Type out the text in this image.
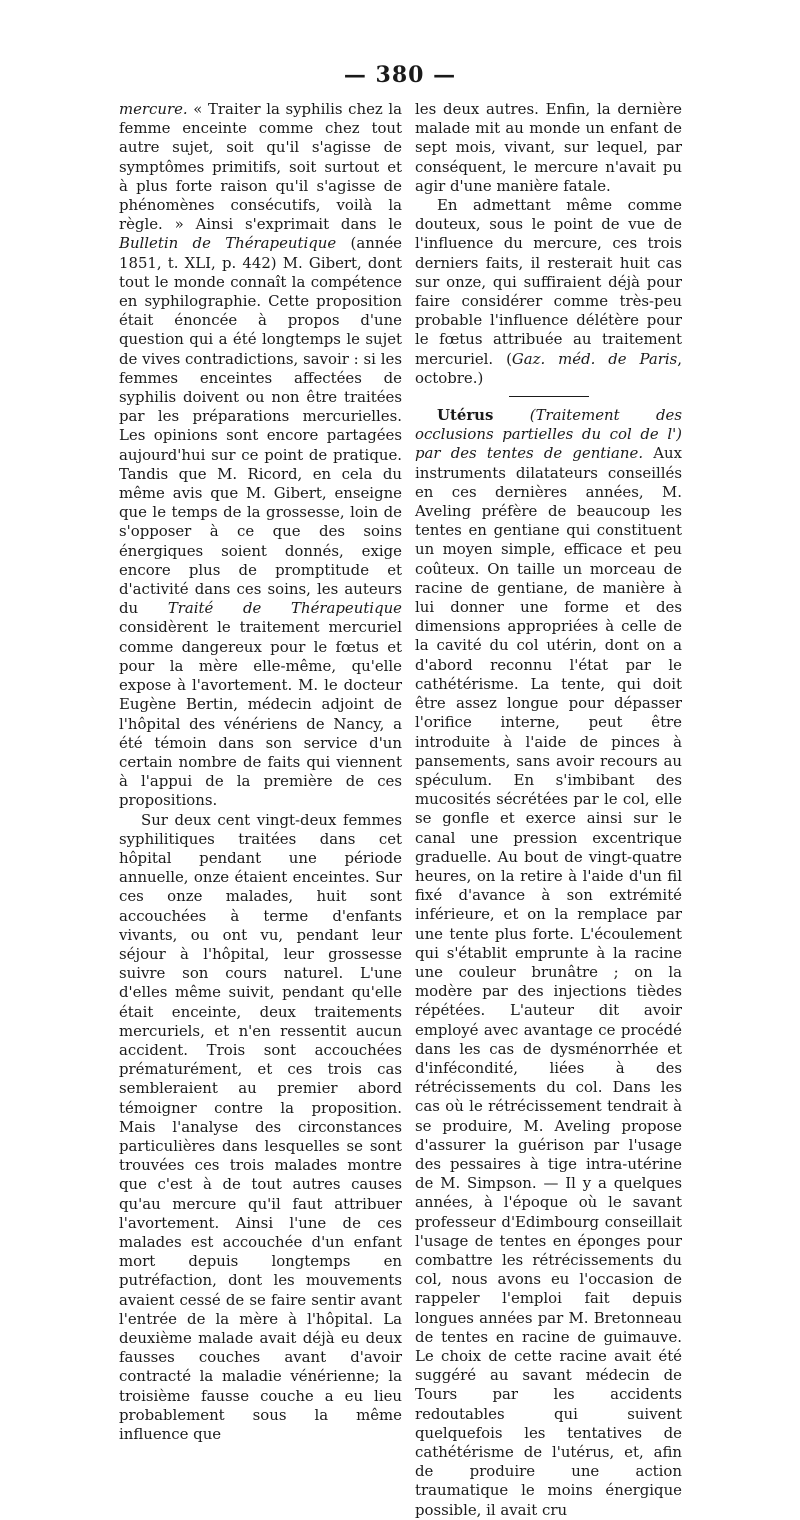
— 380 —

mercure. « Traiter la syphilis chez la femme enceinte comme chez tout autre sujet, soit qu'il s'agisse de symptômes primitifs, soit surtout et à plus forte raison qu'il s'agisse de phénomènes consécutifs, voilà la règle. » Ainsi s'exprimait dans le Bulletin de Thérapeutique (année 1851, t. XLI, p. 442) M. Gibert, dont tout le monde connaît la compétence en syphilographie. Cette proposition était énoncée à propos d'une question qui a été longtemps le sujet de vives contradictions, savoir : si les femmes enceintes affectées de syphilis doivent ou non être traitées par les préparations mercurielles. Les opinions sont encore partagées aujourd'hui sur ce point de pratique. Tandis que M. Ricord, en cela du même avis que M. Gibert, enseigne que le temps de la grossesse, loin de s'opposer à ce que des soins énergiques soient donnés, exige encore plus de promptitude et d'activité dans ces soins, les auteurs du Traité de Thérapeutique considèrent le traitement mercuriel comme dangereux pour le fœtus et pour la mère elle-même, qu'elle expose à l'avortement. M. le docteur Eugène Bertin, médecin adjoint de l'hôpital des vénériens de Nancy, a été témoin dans son service d'un certain nombre de faits qui viennent à l'appui de la première de ces propositions.

Sur deux cent vingt-deux femmes syphilitiques traitées dans cet hôpital pendant une période annuelle, onze étaient enceintes. Sur ces onze malades, huit sont accouchées à terme d'enfants vivants, ou ont vu, pendant leur séjour à l'hôpital, leur grossesse suivre son cours naturel. L'une d'elles même suivit, pendant qu'elle était enceinte, deux traitements mercuriels, et n'en ressentit aucun accident. Trois sont accouchées prématurément, et ces trois cas sembleraient au premier abord témoigner contre la proposition. Mais l'analyse des circonstances particulières dans lesquelles se sont trouvées ces trois malades montre que c'est à de tout autres causes qu'au mercure qu'il faut attribuer l'avortement. Ainsi l'une de ces malades est accouchée d'un enfant mort depuis longtemps en putréfaction, dont les mouvements avaient cessé de se faire sentir avant l'entrée de la mère à l'hôpital. La deuxième malade avait déjà eu deux fausses couches avant d'avoir contracté la maladie vénérienne; la troisième fausse couche a eu lieu probablement sous la même influence que

les deux autres. Enfin, la dernière malade mit au monde un enfant de sept mois, vivant, sur lequel, par conséquent, le mercure n'avait pu agir d'une manière fatale.

En admettant même comme douteux, sous le point de vue de l'influence du mercure, ces trois derniers faits, il resterait huit cas sur onze, qui suffiraient déjà pour faire considérer comme très-peu probable l'influence délétère pour le fœtus attribuée au traitement mercuriel. (Gaz. méd. de Paris, octobre.)

Utérus (Traitement des occlusions partielles du col de l') par des tentes de gentiane. Aux instruments dilatateurs conseillés en ces dernières années, M. Aveling préfère de beaucoup les tentes en gentiane qui constituent un moyen simple, efficace et peu coûteux. On taille un morceau de racine de gentiane, de manière à lui donner une forme et des dimensions appropriées à celle de la cavité du col utérin, dont on a d'abord reconnu l'état par le cathétérisme. La tente, qui doit être assez longue pour dépasser l'orifice interne, peut être introduite à l'aide de pinces à pansements, sans avoir recours au spéculum. En s'imbibant des mucosités sécrétées par le col, elle se gonfle et exerce ainsi sur le canal une pression excentrique graduelle. Au bout de vingt-quatre heures, on la retire à l'aide d'un fil fixé d'avance à son extrémité inférieure, et on la remplace par une tente plus forte. L'écoulement qui s'établit emprunte à la racine une couleur brunâtre ; on la modère par des injections tièdes répétées. L'auteur dit avoir employé avec avantage ce procédé dans les cas de dysménorrhée et d'infécondité, liées à des rétrécissements du col. Dans les cas où le rétrécissement tendrait à se produire, M. Aveling propose d'assurer la guérison par l'usage des pessaires à tige intra-utérine de M. Simpson. — Il y a quelques années, à l'époque où le savant professeur d'Edimbourg conseillait l'usage de tentes en éponges pour combattre les rétrécissements du col, nous avons eu l'occasion de rappeler l'emploi fait depuis longues années par M. Bretonneau de tentes en racine de guimauve. Le choix de cette racine avait été suggéré au savant médecin de Tours par les accidents redoutables qui suivent quelquefois les tentatives de cathétérisme de l'utérus, et, afin de produire une action traumatique le moins énergique possible, il avait cru
